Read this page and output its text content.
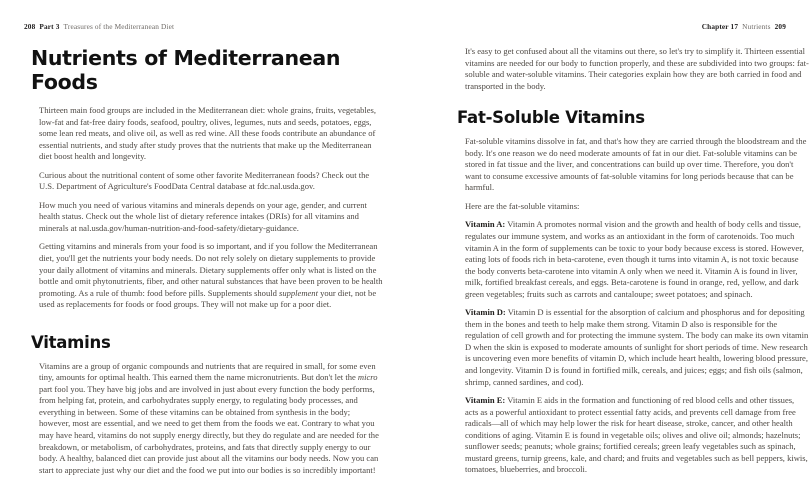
208 Part 3 Treasures of the Mediterranean Diet	Chapter 17 Nutrients 209
Nutrients of Mediterranean Foods

Thirteen main food groups are included in the Mediterranean diet: whole grains, fruits, vegetables, low-fat and fat-free dairy foods, seafood, poultry, olives, legumes, nuts and seeds, potatoes, eggs, some lean red meats, and olive oil, as well as red wine. All these foods contribute an abundance of essential nutrients, and study after study proves that the nutrients that make up the Mediterranean diet boost health and longevity.

Curious about the nutritional content of some other favorite Mediterranean foods? Check out the U.S. Department of Agriculture's FoodData Central database at fdc.nal.usda.gov.

How much you need of various vitamins and minerals depends on your age, gender, and current health status. Check out the whole list of dietary reference intakes (DRIs) for all vitamins and minerals at nal.usda.gov/human-nutrition-and-food-safety/dietary-guidance.

Getting vitamins and minerals from your food is so important, and if you follow the Mediterranean diet, you'll get the nutrients your body needs. Do not rely solely on dietary supplements to provide your daily allotment of vitamins and minerals. Dietary supplements offer only what is listed on the bottle and omit phytonutrients, fiber, and other natural substances that have been proven to be health promoting. As a rule of thumb: food before pills. Supplements should supplement your diet, not be used as replacements for foods or food groups. They will not make up for a poor diet.

Vitamins

Vitamins are a group of organic compounds and nutrients that are required in small, for some even tiny, amounts for optimal health. This earned them the name micronutrients. But don't let the micro part fool you. They have big jobs and are involved in just about every function the body performs, from helping fat, protein, and carbohydrates supply energy, to regulating body processes, and everything in between. Some of these vitamins can be obtained from synthesis in the body; however, most are essential, and we need to get them from the foods we eat. Contrary to what you may have heard, vitamins do not supply energy directly, but they do regulate and are needed for the breakdown, or metabolism, of carbohydrates, proteins, and fats that directly supply energy to our body. A healthy, balanced diet can provide just about all the vitamins our body needs. Now you can start to appreciate just why our diet and the food we put into our bodies is so incredibly important!

It's easy to get confused about all the vitamins out there, so let's try to simplify it. Thirteen essential vitamins are needed for our body to function properly, and these are subdivided into two groups: fat-soluble and water-soluble vitamins. Their categories explain how they are both carried in food and transported in the body.

Fat-Soluble Vitamins

Fat-soluble vitamins dissolve in fat, and that's how they are carried through the bloodstream and the body. It's one reason we do need moderate amounts of fat in our diet. Fat-soluble vitamins can be stored in fat tissue and the liver, and concentrations can build up over time. Therefore, you don't want to consume excessive amounts of fat-soluble vitamins for long periods because that can be harmful.

Here are the fat-soluble vitamins:

Vitamin A: Vitamin A promotes normal vision and the growth and health of body cells and tissue, regulates our immune system, and works as an antioxidant in the form of carotenoids. Too much vitamin A in the form of supplements can be toxic to your body because excess is stored. However, eating lots of foods rich in beta-carotene, even though it turns into vitamin A, is not toxic because the body converts beta-carotene into vitamin A only when we need it. Vitamin A is found in liver, milk, fortified breakfast cereals, and eggs. Beta-carotene is found in orange, red, yellow, and dark green vegetables; fruits such as carrots and cantaloupe; sweet potatoes; and spinach.

Vitamin D: Vitamin D is essential for the absorption of calcium and phosphorus and for depositing them in the bones and teeth to help make them strong. Vitamin D also is responsible for the regulation of cell growth and for protecting the immune system. The body can make its own vitamin D when the skin is exposed to moderate amounts of sunlight for short periods of time. New research is uncovering even more benefits of vitamin D, which include heart health, lowering blood pressure, and longevity. Vitamin D is found in fortified milk, cereals, and juices; eggs; and fish oils (salmon, shrimp, canned sardines, and cod).

Vitamin E: Vitamin E aids in the formation and functioning of red blood cells and other tissues, acts as a powerful antioxidant to protect essential fatty acids, and prevents cell damage from free radicals—all of which may help lower the risk for heart disease, stroke, cancer, and other health conditions of aging. Vitamin E is found in vegetable oils; olives and olive oil; almonds; hazelnuts; sunflower seeds; peanuts; whole grains; fortified cereals; green leafy vegetables such as spinach, mustard greens, turnip greens, kale, and chard; and fruits and vegetables such as bell peppers, kiwis, tomatoes, blueberries, and broccoli.
